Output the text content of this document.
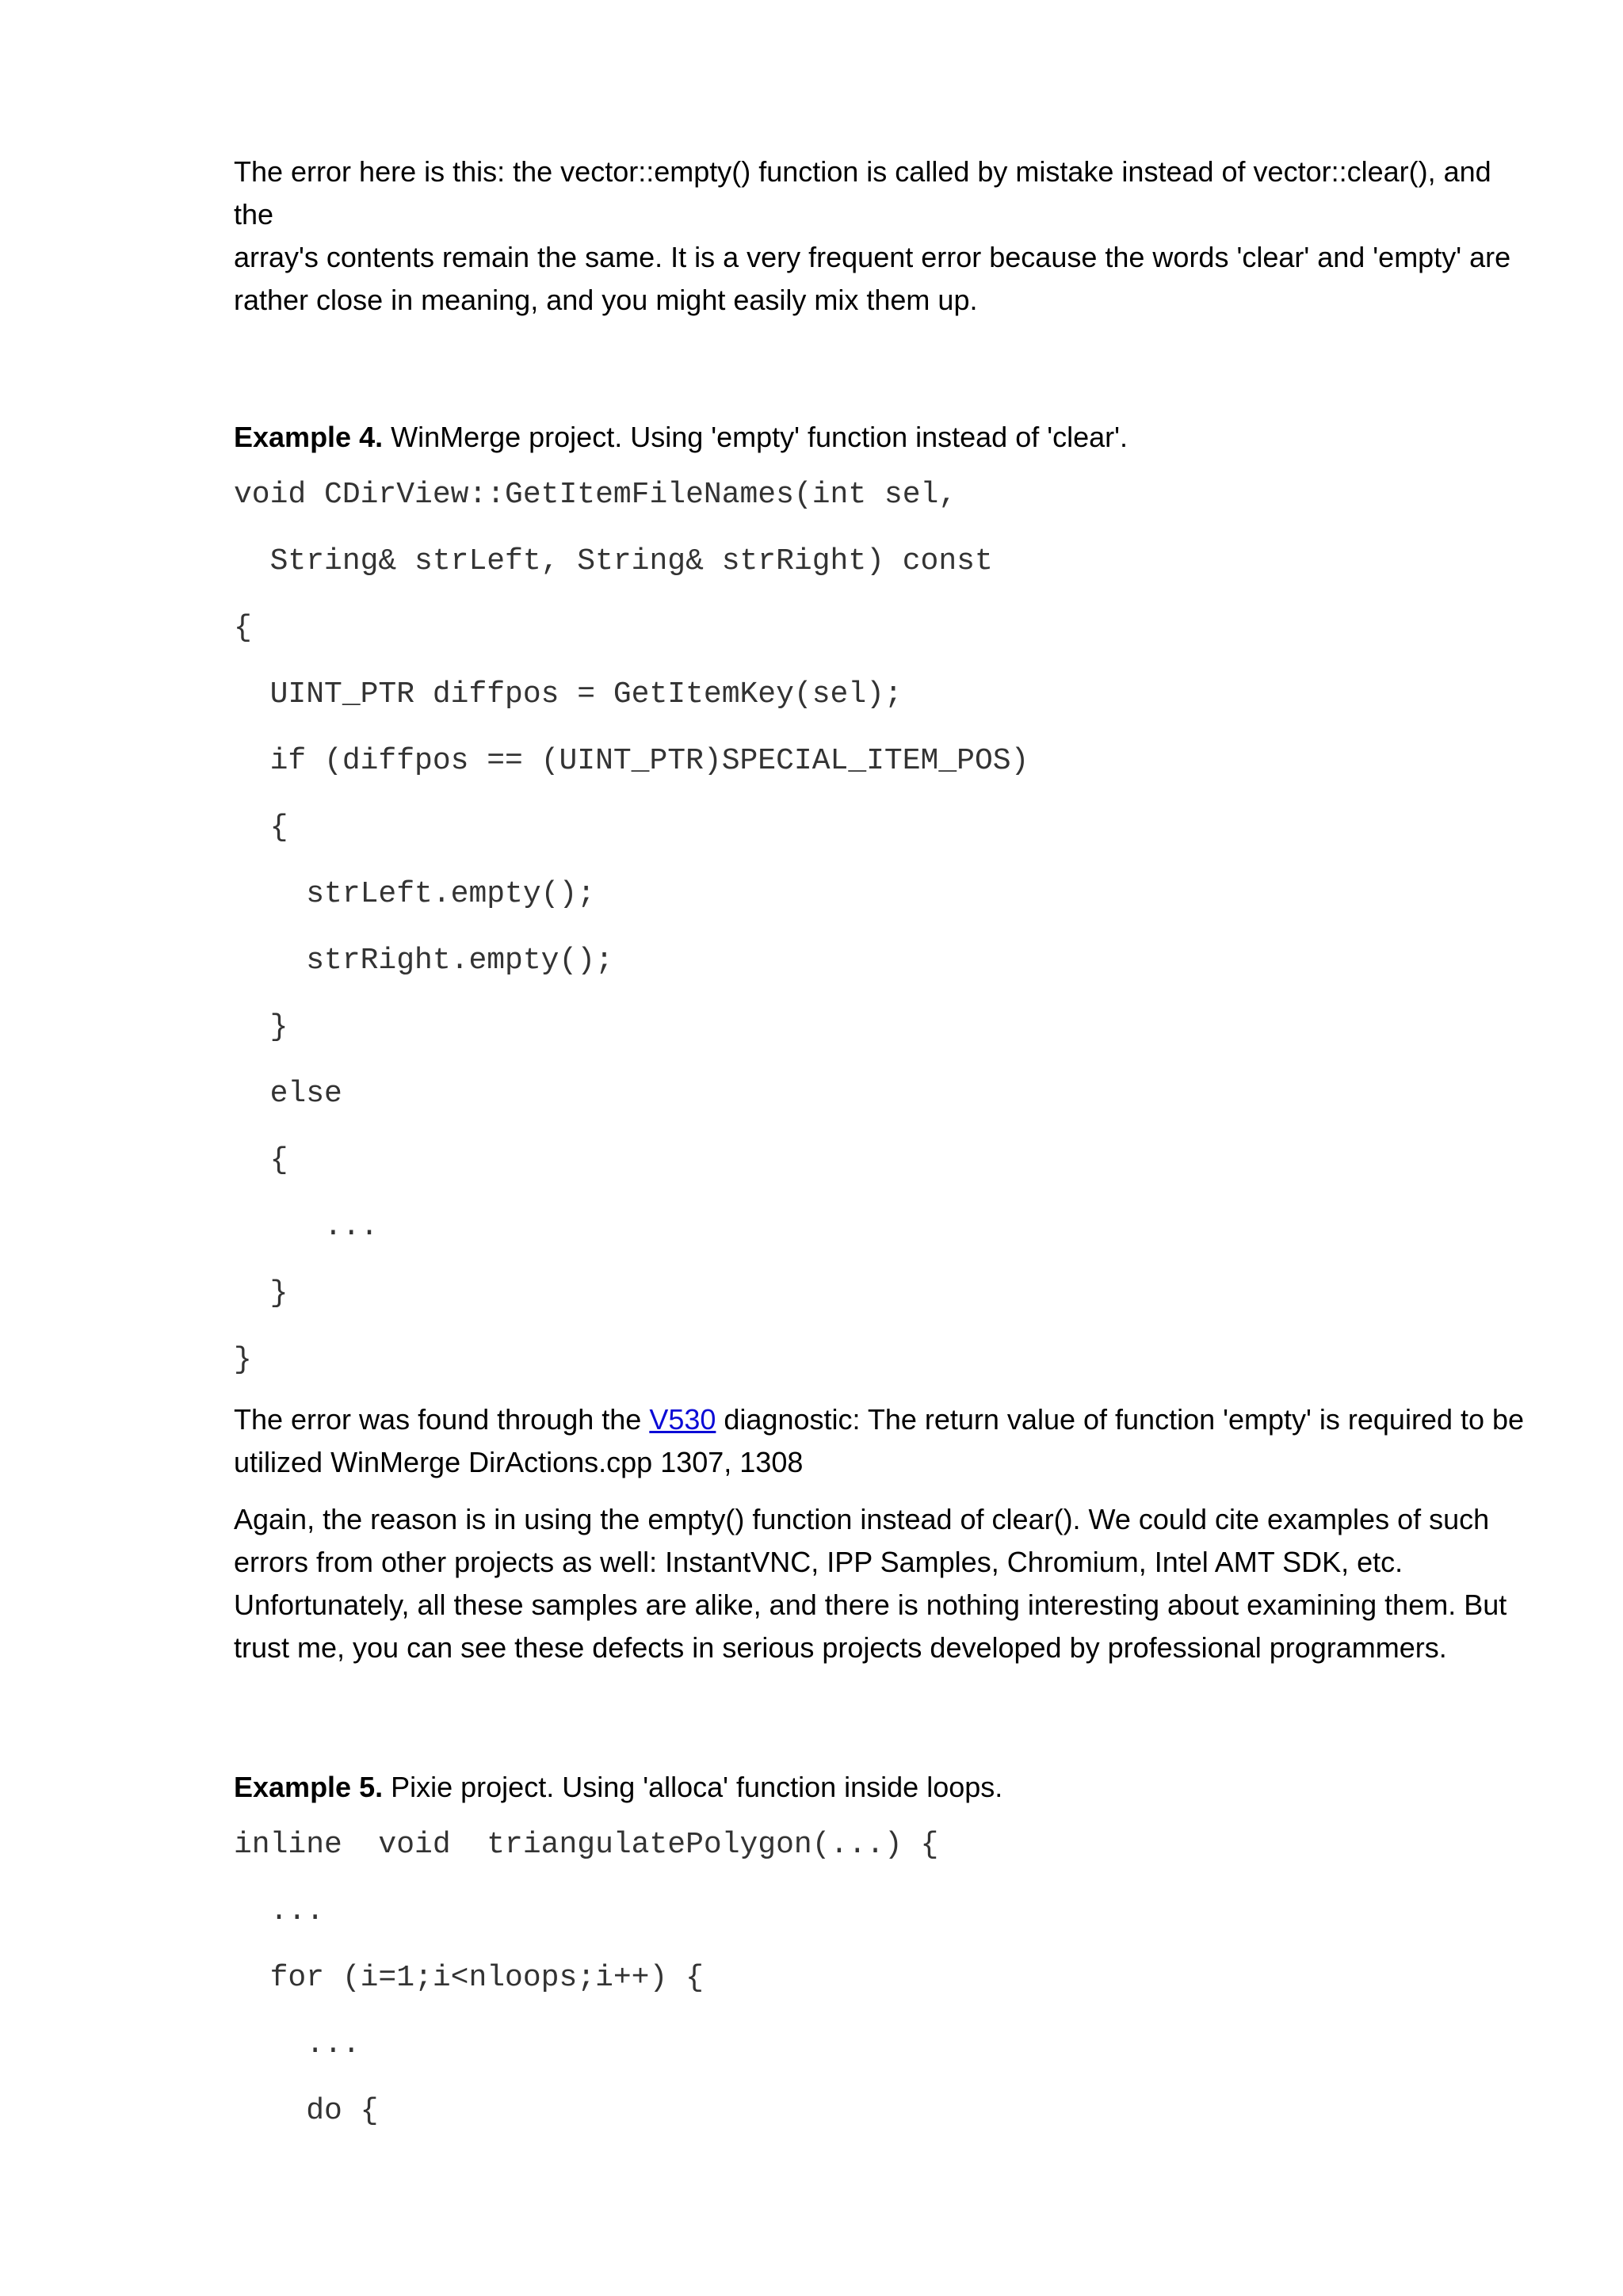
The error here is this: the vector::empty() function is called by mistake instead of vector::clear(), and the

array's contents remain the same. It is a very frequent error because the words 'clear' and 'empty' are

rather close in meaning, and you might easily mix them up.

Example 4. WinMerge project. Using 'empty' function instead of 'clear'.

void CDirView::GetItemFileNames(int sel,
String& strLeft, String& strRight) const
{
UINT_PTR diffpos = GetItemKey(sel);
if (diffpos == (UINT_PTR)SPECIAL_ITEM_POS)
{
strLeft.empty();
strRight.empty();
}
else
{
...
}
}

The error was found through the V530 diagnostic: The return value of function 'empty' is required to be

utilized WinMerge DirActions.cpp 1307, 1308

Again, the reason is in using the empty() function instead of clear(). We could cite examples of such

errors from other projects as well: InstantVNC, IPP Samples, Chromium, Intel AMT SDK, etc.

Unfortunately, all these samples are alike, and there is nothing interesting about examining them. But

trust me, you can see these defects in serious projects developed by professional programmers.

Example 5. Pixie project. Using 'alloca' function inside loops.

inline  void  triangulatePolygon(...) {
...
for (i=1;i<nloops;i++) {
...
do {
